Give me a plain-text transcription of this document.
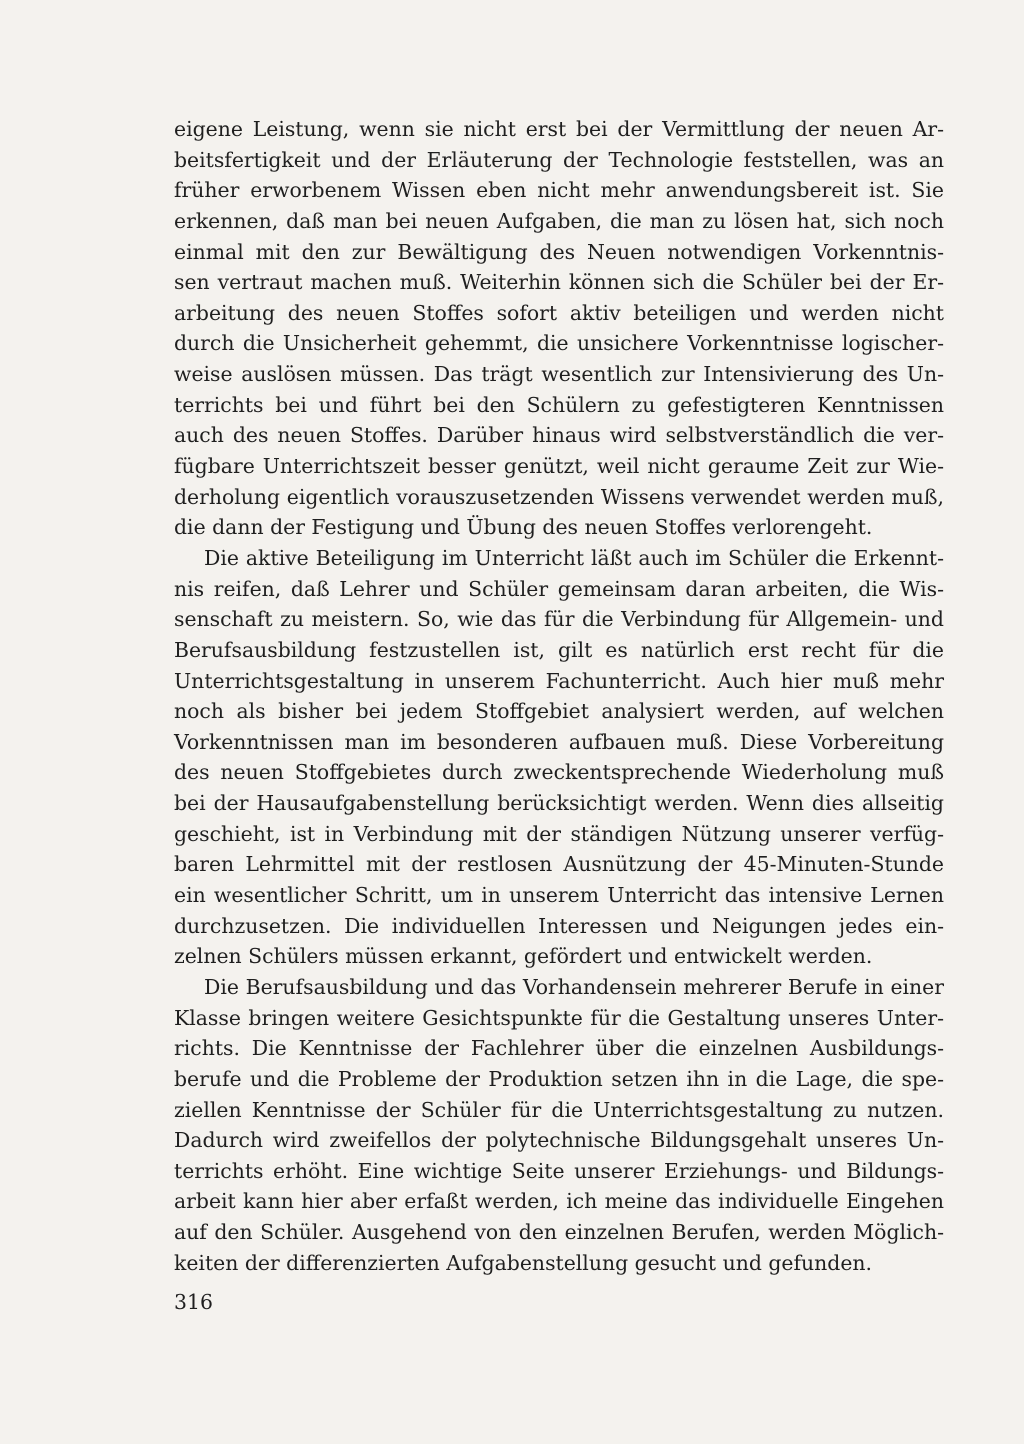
eigene Leistung, wenn sie nicht erst bei der Vermittlung der neuen Ar-
beitsfertigkeit und der Erläuterung der Technologie feststellen, was an
früher erworbenem Wissen eben nicht mehr anwendungsbereit ist. Sie
erkennen, daß man bei neuen Aufgaben, die man zu lösen hat, sich noch
einmal mit den zur Bewältigung des Neuen notwendigen Vorkenntnis-
sen vertraut machen muß. Weiterhin können sich die Schüler bei der Er-
arbeitung des neuen Stoffes sofort aktiv beteiligen und werden nicht
durch die Unsicherheit gehemmt, die unsichere Vorkenntnisse logischer-
weise auslösen müssen. Das trägt wesentlich zur Intensivierung des Un-
terrichts bei und führt bei den Schülern zu gefestigteren Kenntnissen
auch des neuen Stoffes. Darüber hinaus wird selbstverständlich die ver-
fügbare Unterrichtszeit besser genützt, weil nicht geraume Zeit zur Wie-
derholung eigentlich vorauszusetzenden Wissens verwendet werden muß,
die dann der Festigung und Übung des neuen Stoffes verlorengeht.
Die aktive Beteiligung im Unterricht läßt auch im Schüler die Erkennt-
nis reifen, daß Lehrer und Schüler gemeinsam daran arbeiten, die Wis-
senschaft zu meistern. So, wie das für die Verbindung für Allgemein- und
Berufsausbildung festzustellen ist, gilt es natürlich erst recht für die
Unterrichtsgestaltung in unserem Fachunterricht. Auch hier muß mehr
noch als bisher bei jedem Stoffgebiet analysiert werden, auf welchen
Vorkenntnissen man im besonderen aufbauen muß. Diese Vorbereitung
des neuen Stoffgebietes durch zweckentsprechende Wiederholung muß
bei der Hausaufgabenstellung berücksichtigt werden. Wenn dies allseitig
geschieht, ist in Verbindung mit der ständigen Nützung unserer verfüg-
baren Lehrmittel mit der restlosen Ausnützung der 45-Minuten-Stunde
ein wesentlicher Schritt, um in unserem Unterricht das intensive Lernen
durchzusetzen. Die individuellen Interessen und Neigungen jedes ein-
zelnen Schülers müssen erkannt, gefördert und entwickelt werden.
Die Berufsausbildung und das Vorhandensein mehrerer Berufe in einer
Klasse bringen weitere Gesichtspunkte für die Gestaltung unseres Unter-
richts. Die Kenntnisse der Fachlehrer über die einzelnen Ausbildungs-
berufe und die Probleme der Produktion setzen ihn in die Lage, die spe-
ziellen Kenntnisse der Schüler für die Unterrichtsgestaltung zu nutzen.
Dadurch wird zweifellos der polytechnische Bildungsgehalt unseres Un-
terrichts erhöht. Eine wichtige Seite unserer Erziehungs- und Bildungs-
arbeit kann hier aber erfaßt werden, ich meine das individuelle Eingehen
auf den Schüler. Ausgehend von den einzelnen Berufen, werden Möglich-
keiten der differenzierten Aufgabenstellung gesucht und gefunden.
316
